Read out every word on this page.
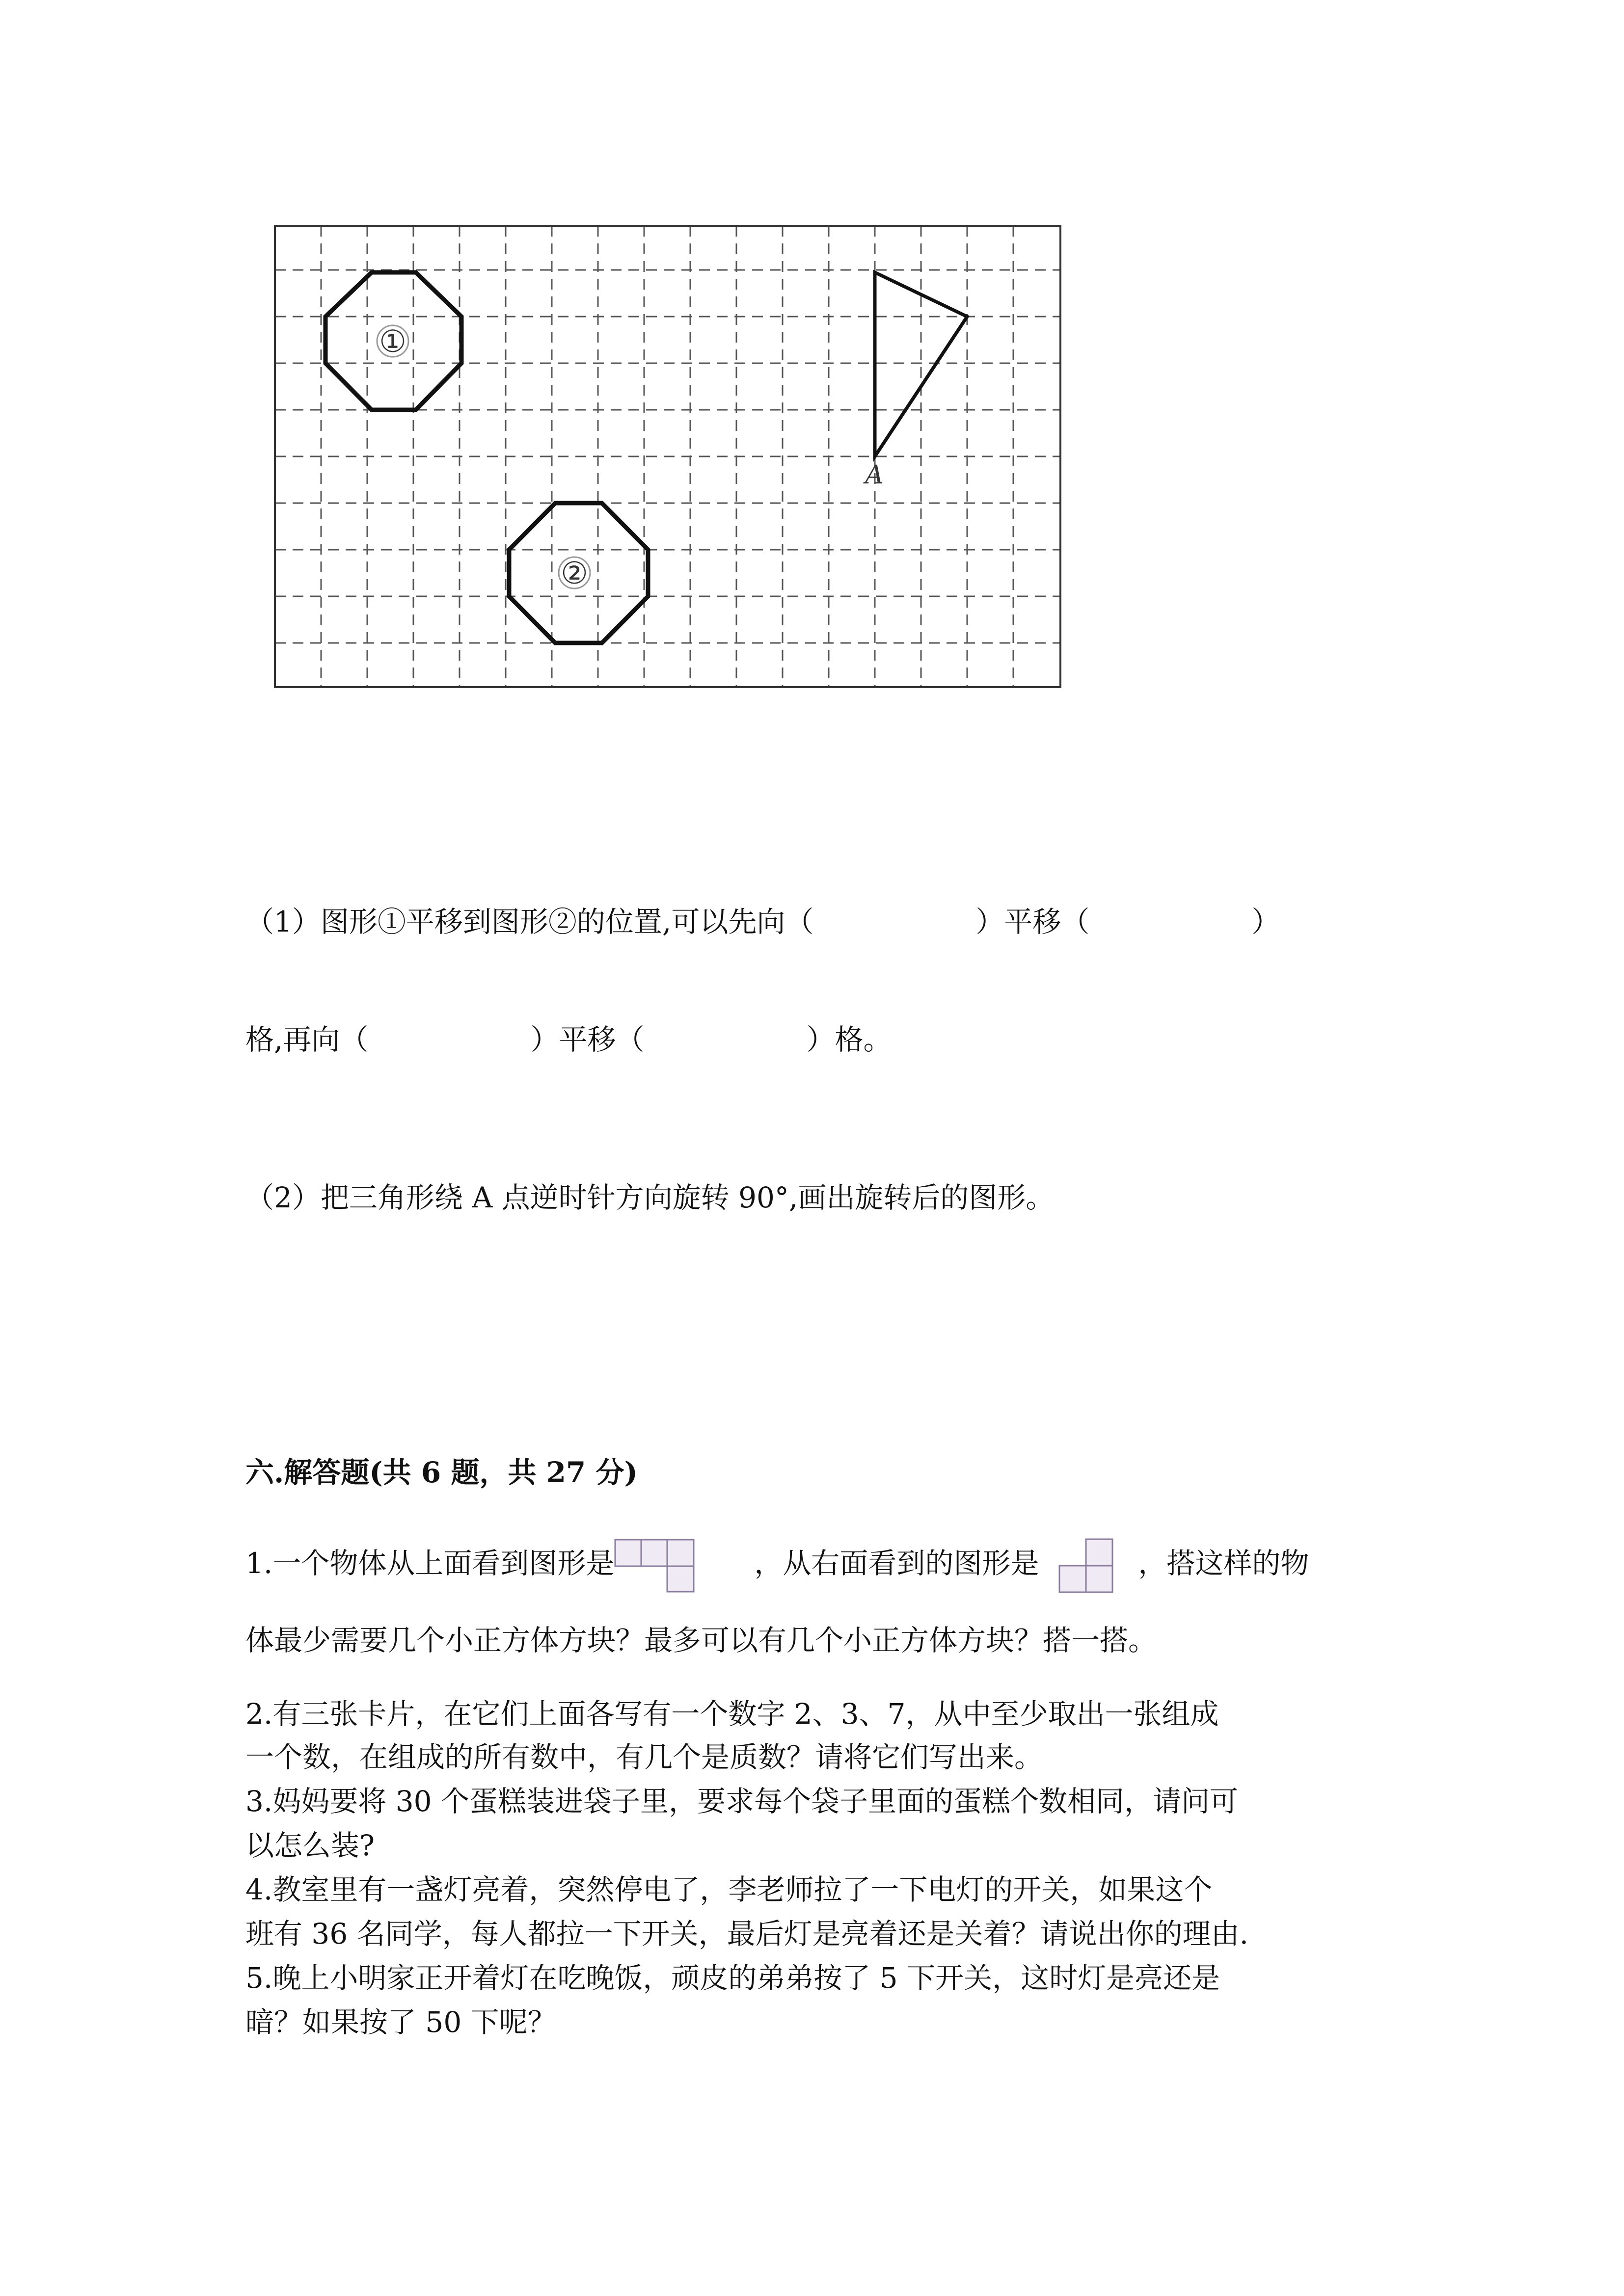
①
②
A
（1）图形①平移到图形②的位置,可以先向（	）平移（	）
格,再向（	）平移（	）格。
（2）把三角形绕 A 点逆时针方向旋转 90°,画出旋转后的图形。
六.解答题(共 6 题，共 27 分)
1.一个物体从上面看到图形是	，从右面看到的图形是	，搭这样的物
体最少需要几个小正方体方块？最多可以有几个小正方体方块？搭一搭。
2.有三张卡片，在它们上面各写有一个数字 2、3、7，从中至少取出一张组成
一个数，在组成的所有数中，有几个是质数？请将它们写出来。
3.妈妈要将 30 个蛋糕装进袋子里，要求每个袋子里面的蛋糕个数相同，请问可
以怎么装?
4.教室里有一盏灯亮着，突然停电了，李老师拉了一下电灯的开关，如果这个
班有 36 名同学，每人都拉一下开关，最后灯是亮着还是关着？请说出你的理由.
5.晚上小明家正开着灯在吃晚饭，顽皮的弟弟按了 5 下开关，这时灯是亮还是
暗？如果按了 50 下呢？
